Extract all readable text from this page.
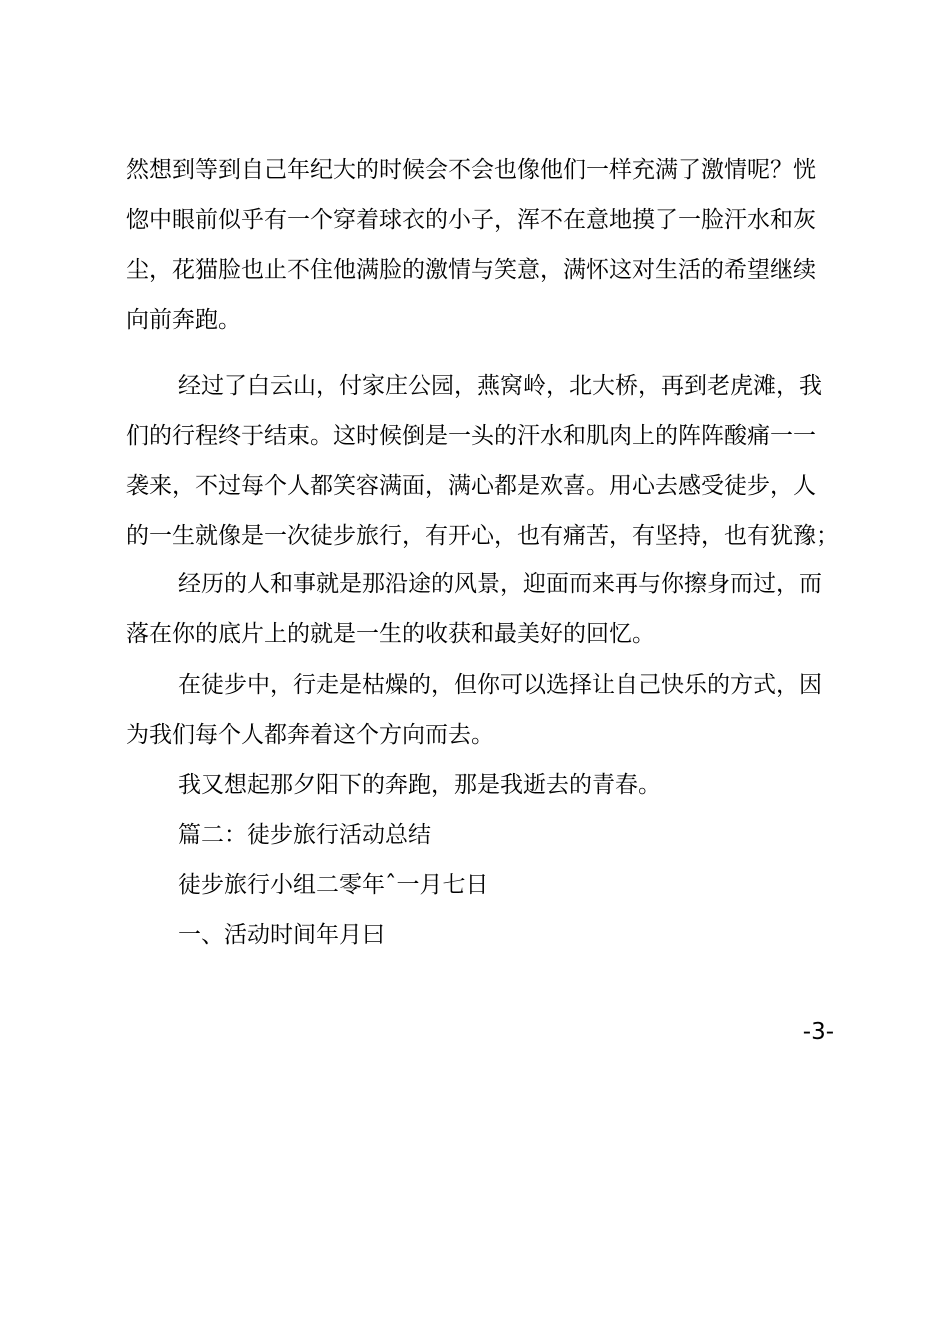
然想到等到自己年纪大的时候会不会也像他们一样充满了激情呢？恍
惚中眼前似乎有一个穿着球衣的小子，浑不在意地摸了一脸汗水和灰
尘，花猫脸也止不住他满脸的激情与笑意，满怀这对生活的希望继续
向前奔跑。
经过了白云山，付家庄公园，燕窝岭，北大桥，再到老虎滩，我
们的行程终于结束。这时候倒是一头的汗水和肌肉上的阵阵酸痛一一
袭来，不过每个人都笑容满面，满心都是欢喜。用心去感受徒步，人
的一生就像是一次徒步旅行，有开心，也有痛苦，有坚持，也有犹豫；
经历的人和事就是那沿途的风景，迎面而来再与你擦身而过，而
落在你的底片上的就是一生的收获和最美好的回忆。
在徒步中，行走是枯燥的，但你可以选择让自己快乐的方式，因
为我们每个人都奔着这个方向而去。
我又想起那夕阳下的奔跑，那是我逝去的青春。
篇二：徒步旅行活动总结
徒步旅行小组二零年ˆ一月七日
一、活动时间年月曰
-3-
